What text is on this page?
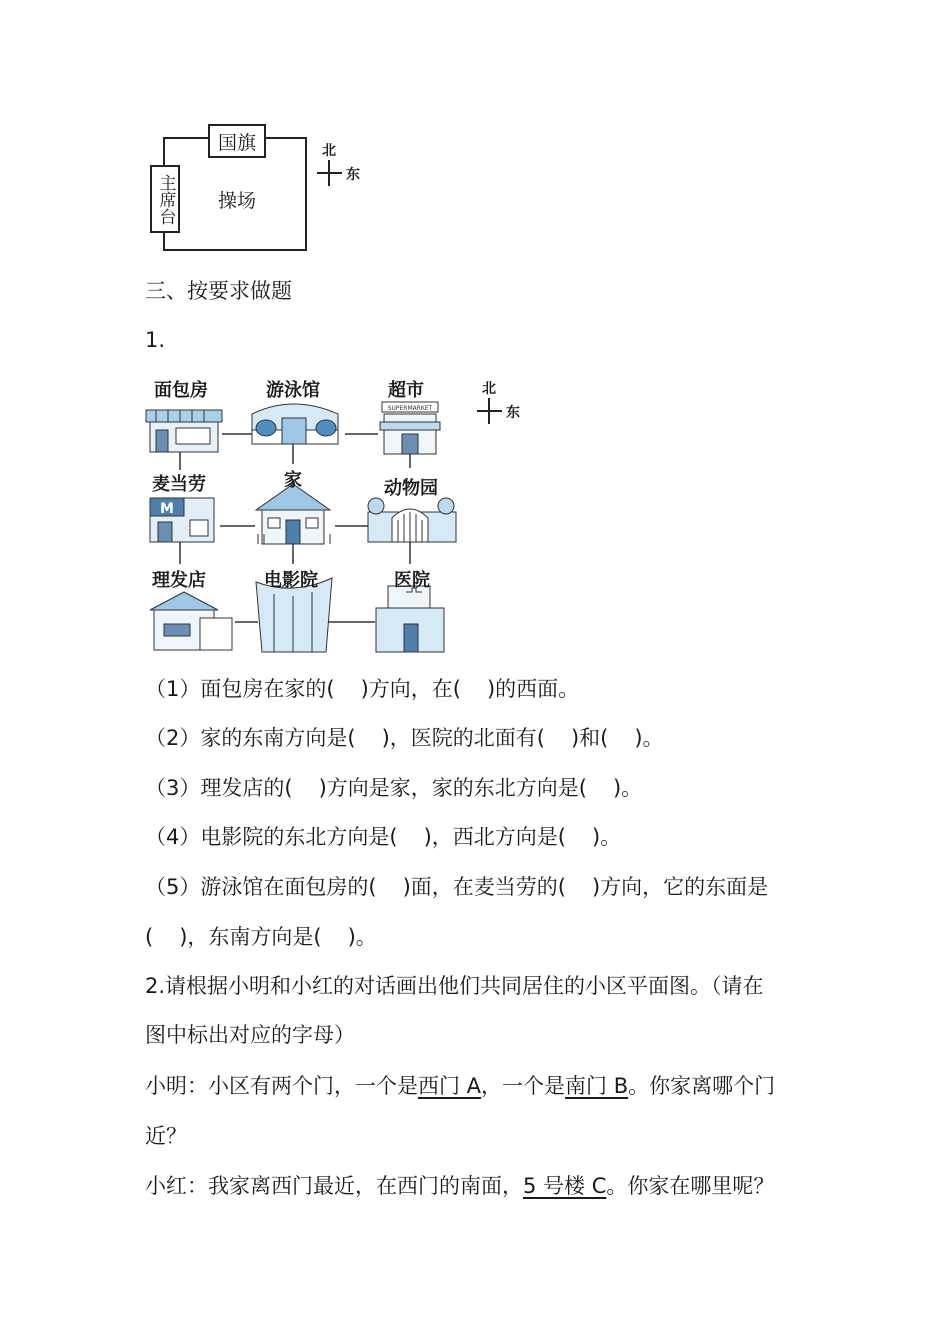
国旗
主席台 操场
北
东
三、按要求做题
1.
SUPERMARKET
M
面包房	游泳馆	超市
麦当劳	家	动物园
理发店	电影院	医院
北
东
（1）面包房在家的( )方向，在( )的西面。
（2）家的东南方向是( )，医院的北面有( )和( )。
（3）理发店的( )方向是家，家的东北方向是( )。
（4）电影院的东北方向是( )，西北方向是( )。
（5）游泳馆在面包房的( )面，在麦当劳的( )方向，它的东面是
( )，东南方向是( )。
2.请根据小明和小红的对话画出他们共同居住的小区平面图。（请在
图中标出对应的字母）
小明：小区有两个门，一个是西门 A，一个是南门 B。你家离哪个门
近？
小红：我家离西门最近，在西门的南面，5 号楼 C。你家在哪里呢？
